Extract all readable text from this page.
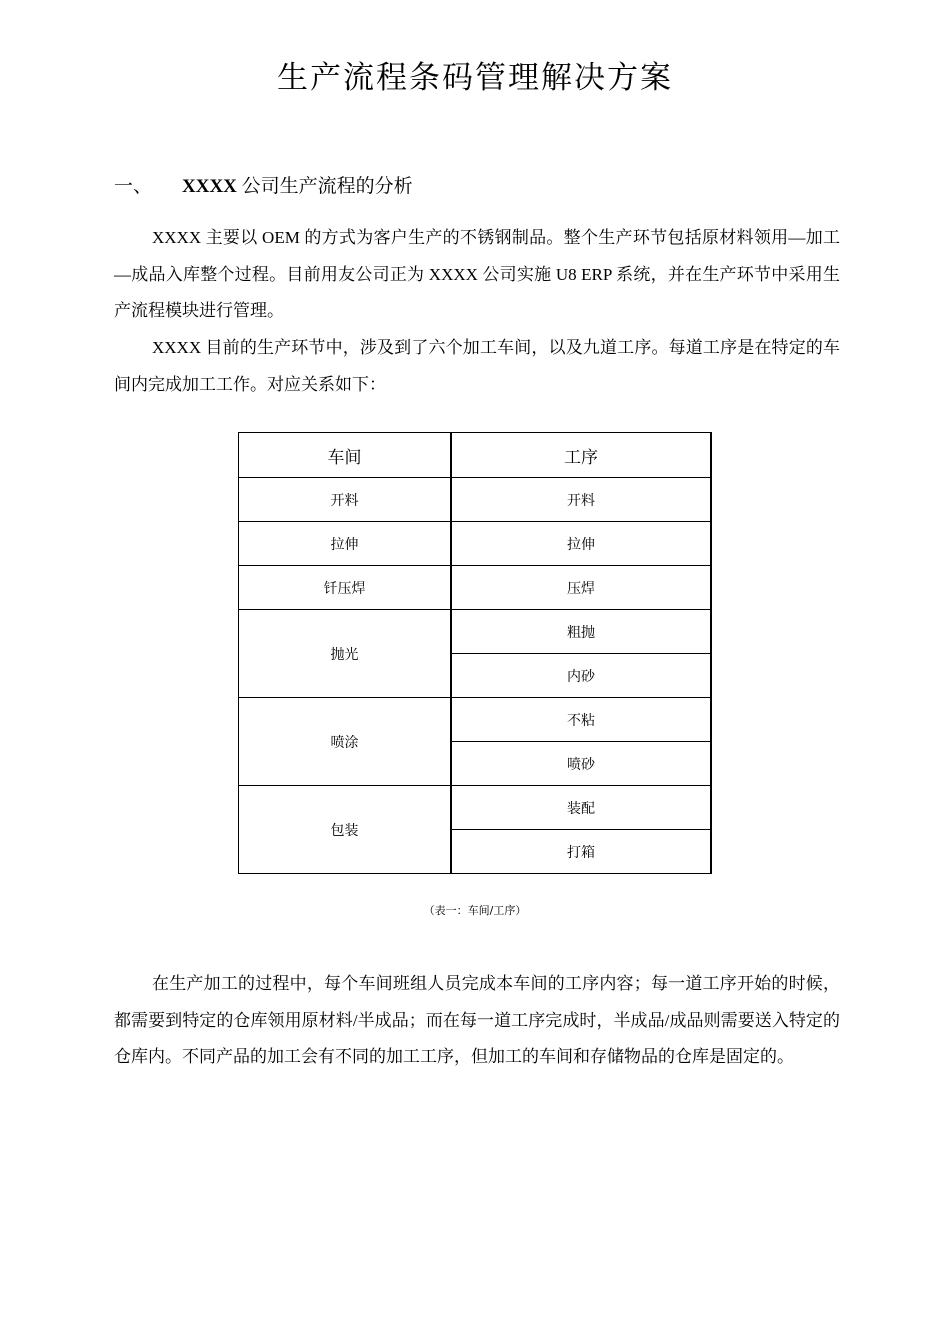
生产流程条码管理解决方案
一、 XXXX 公司生产流程的分析

XXXX 主要以 OEM 的方式为客户生产的不锈钢制品。整个生产环节包括原材料领用—加工—成品入库整个过程。目前用友公司正为 XXXX 公司实施 U8 ERP 系统，并在生产环节中采用生产流程模块进行管理。

XXXX 目前的生产环节中，涉及到了六个加工车间，以及九道工序。每道工序是在特定的车间内完成加工工作。对应关系如下：

车间	工序
开料	开料
拉伸	拉伸
钎压焊	压焊
抛光	粗抛
	内砂
喷涂	不粘
	喷砂
包装	装配
	打箱
（表一：车间/工序）

在生产加工的过程中，每个车间班组人员完成本车间的工序内容；每一道工序开始的时候，都需要到特定的仓库领用原材料/半成品；而在每一道工序完成时，半成品/成品则需要送入特定的仓库内。不同产品的加工会有不同的加工工序，但加工的车间和存储物品的仓库是固定的。
